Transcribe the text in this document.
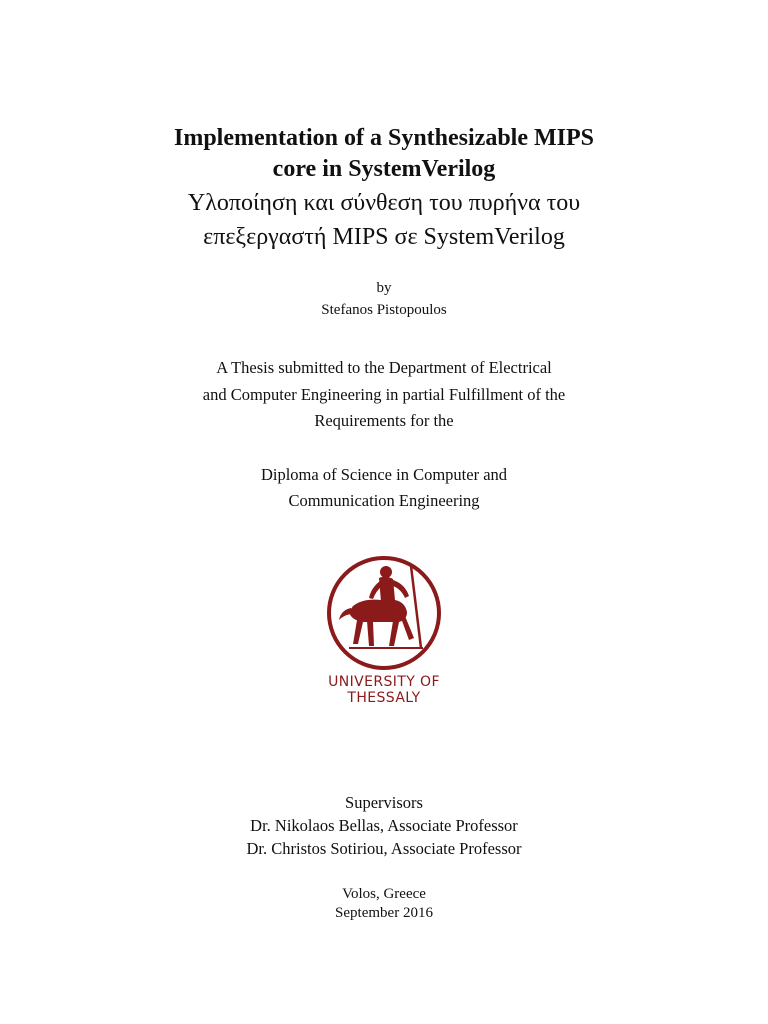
Implementation of a Synthesizable MIPS
core in SystemVerilog
Υλοποίηση και σύνθεση του πυρήνα του
επεξεργαστή MIPS σε SystemVerilog
by
Stefanos Pistopoulos
A Thesis submitted to the Department of Electrical
and Computer Engineering in partial Fulfillment of the
Requirements for the
Diploma of Science in Computer and
Communication Engineering
UNIVERSITY OF
THESSALY
Supervisors
Dr. Nikolaos Bellas, Associate Professor
Dr. Christos Sotiriou, Associate Professor
Volos, Greece
September 2016
